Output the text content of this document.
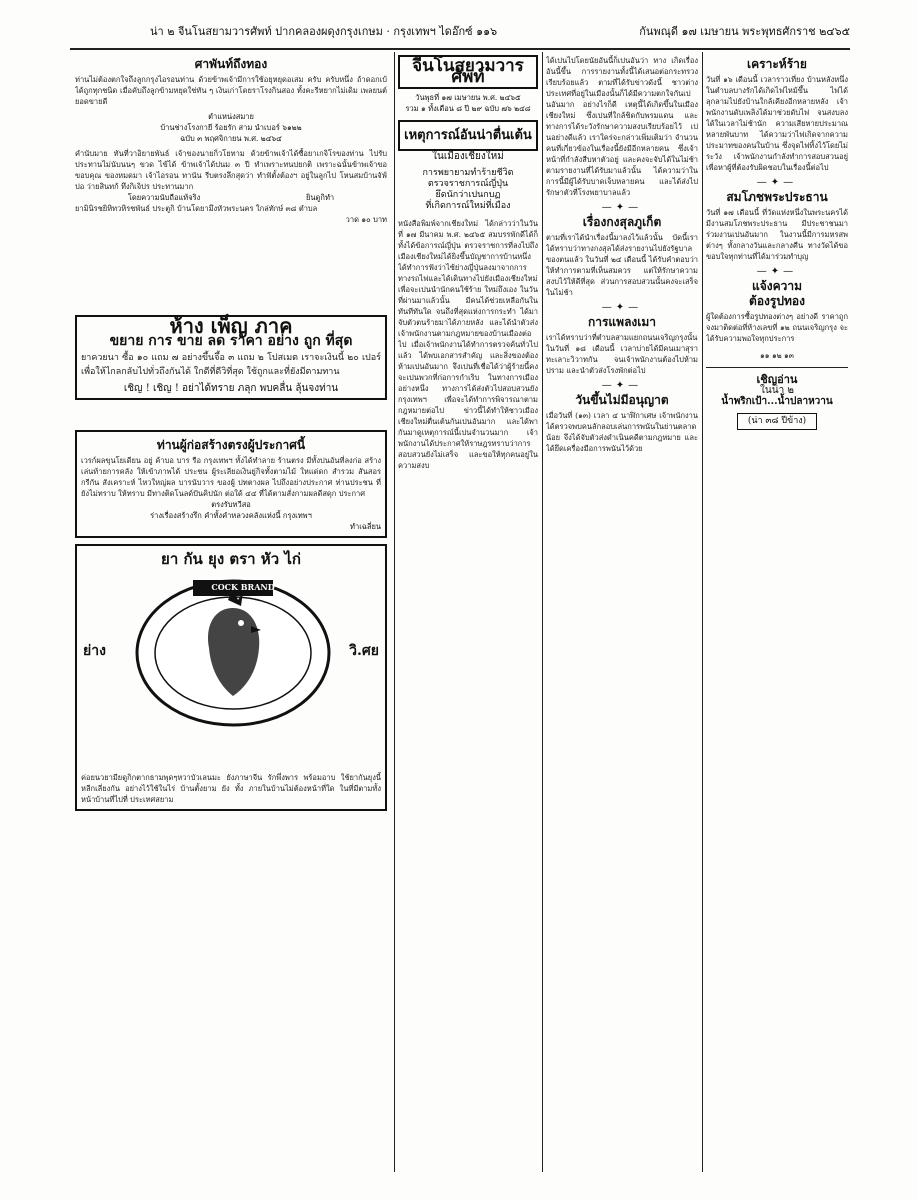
น่า ๒ จีนโนสยามวารศัพท์ ปากคลองผดุงกรุงเกษม · กรุงเทพฯ ไดอ๊กซ์ ๑๑๖	กันพณุดี ๑๗ เมษายน พระพุทธศักราช ๒๔๖๕
ศาพันท์ถึงทอง
ท่านไม่ต้องตกใจถึงลูกกรุงไอรอนท่าน ด้วยข้าพเจ้ามีการใช้อยุหยุดอเสม ครับ ครับหนึ่ง ถ้าดอกเบ้ได้ถูกทุกชนิด เมื่อคับถึงลูกข้ามหยุดใช่ทัน ๆ เงินเก่าโดยราโรงกินสอง ทั้งคะรีหยากไม่เดิม เพลยนต์ยอดขายดี
ตำแหน่งสมาย
บ้านช่างโรงกายี ร้อยรัก สาม นำเบอร์ ๖๑๒๒
ฉบับ ๓ พฤศจิกายน พ.ศ. ๒๔๖๔
คำนับมาย ทันที่วาอิยายพันธ์ เจ้าของนายกิ่วโยทาม ด้วยข้าพเจ้าได้ซื้อยาเกจิโรของท่าน ไปรับประทานไม่นับนนๆ ขวด ไข้ได้ ข้าพเจ้าได้ปนม ๓ ปี ทำเพราะทนปยกติ เพราะฉนั้นข้าพเจ้าขอขอบคุณ ของหมดมา เจ้าไอรอน ทานัน รีบตรงลึกสุดว่า ทำฟัตั้งต้องฯ อยู่ในลูกไป โหนสมบ้านจัฟ์ปอ ว่ายสินทก้ ทึงกิเจิปร ประทานมาก
โดยความนับถือแท้จริง	ยินดูกิทำ
ยามินิรชยิหิทวหิรชพันธ์ ประตูกิ บ้านโดยามึงหัวพระนคร ใกล่ทักษ์ ๓๘ ตำบล
วาด ๑๐ บาท
ห้าง เพ็ญ ภาค
ขยาย การ ขาย ลด ราคา อย่าง ถูก ที่สุด
ยาควยนา ซื้อ ๑๐ แถม ๗ อย่างขึ้นจึ้อ ๓ แถม ๒ โปสเมต เราจะเงินนี้ ๒๐ เปอร์ เพื่อให้ไกลกลับไปทั่วถึงกันได้ ใกดีที่ดีวิที่สุด ใช้ถูกและที่ยังมีตามทาน
เชิญ ! เชิญ ! อย่าได้ทราย ภลุก พบคลื่น ลุ้นจงท่าน
ท่านผู้ก่อสร้างตรงผู้ประกาศนี้
เวรก์ผลขุนโยเดียน อยู่ ค้าบอ บาร รือ กรุงเทพฯ ทั้งได้ทำลาย ร้านตรง มีทั้งปนอันที่ลงก่อ สร้าง เล่นท้ายการคลัง ให้เข้าภาพได้ ประชน ผู้ระเลียอเงินยู่กิจทั้งตามไม้ ใหแด่ดก สำรวม สันสอร กรีกัน สังเคราะห์ ไหวใหญ่ผล บารนับวาร ของผู้ ปทตางผล ไปถึงอย่างประกาศ ท่านประชน ที่ยังไม่ทราบ ให้ทราบ มีทางติดโนลด์ปันคิปนัก ต่อใด้ ๔๔ ที่ได้ตามสั่งกามผลดีสดุก ประกาศ
ตรงรับทวีสอ
ร่างเรื่องสร้างรึก คำทั้งคำหลวงคลังแห่งนี้ กรุงเทพฯ
ทำเฉลี่ยน
ยา กัน ยุง ตรา หัว ไก่
COCK BRAND
ย่าง	วิ.ศย
ค่อยนวยามียดูกิกตากธามพุดๆหวาบัวเลนมะ ยังภาษาจีน รักพึ่งพาร พร้อมอาบ ใช้ยากันยุงนี้หลีกเลี่ยงกัน อย่างไว้ใช้ในไร่ บ้านตั้งยาม ยัง ทั้ง ภายในบ้านไม่ต้องหน้าที่ใด ในที่มีตามทั้ง หน้าบ้านที่ไปที่ ประเทศสยาม
จีนโนสยามวารศัพท์
วันพุธที่ ๑๗ เมษายน พ.ศ. ๒๔๖๕
รวม ๑ ทั้งเดือน ๘ ปี ๒๙ ฉบับ ๗๖ ๒๔๘
เหตุการณ์อันน่าตื่นเต้น
ในเมืองเชียงใหม่
การพยายามทำร้ายชีวิต
ตรวจราชการณ์ญี่ปุ่น
ยึดนักว่าเปนกบฏ
ที่เกิดการณ์ใหม่ที่เมือง
หนังสือพิมพ์จากเชียงใหม่ ได้กล่าวว่าในวันที่ ๑๗ มีนาคม พ.ศ. ๒๔๖๕ สมบรรพักดีได้ก็ทั้งได้ข้อการณ์ญี่ปุ่น ตรวจราชการที่ลงไปถึงเมืองเชียงใหม่ได้ยิงขึ้นบัญชาการบ้านหนึ่ง ได้ทำการฟังว่าไซ้ย่างญี่ปุ่นลงมาจากการทางรถไฟและได้เดินทางไปยังเมืองเชียงใหม่ เพื่อจะเปนนำนักคนใช้ร้าย ใหม่ถึงเอง ในวันที่ผ่านมาแล้วนั้น มีคนได้ช่วยเหลือกันในทันทีทันใด จนถึงที่สุดแห่งการกระทำ ได้มาจับตัวตนร้ายมาได้ภายหลัง และได้นำตัวส่งเจ้าพนักงานตามกฎหมายของบ้านเมืองต่อไป เมื่อเจ้าพนักงานได้ทำการตรวจค้นทั่วไปแล้ว ได้พบเอกสารสำคัญ และสิ่งของต้องห้ามเปนอันมาก จึงเปนที่เชื่อได้ว่าผู้ร้ายนี้คงจะเปนพวกที่ก่อการกำเริบ ในทางการเมืองอย่างหนึ่ง ทางการได้ส่งตัวไปสอบสวนยังกรุงเทพฯ เพื่อจะได้ทำการพิจารณาตามกฎหมายต่อไป ข่าวนี้ได้ทำให้ชาวเมืองเชียงใหม่ตื่นเต้นกันเปนอันมาก และได้พากันมาดูเหตุการณ์นี้เปนจำนวนมาก เจ้าพนักงานได้ประกาศให้ราษฎรทราบว่าการสอบสวนยังไม่เสร็จ และขอให้ทุกคนอยู่ในความสงบ
ได้เปนไปโดยนัยอันนี้ก็เปนอันว่า ทาง เกิดเรื่องอันนี้ขึ้น การรายงานทั้งนี้ได้เสนอต่อกระทรวงเรียบร้อยแล้ว ตามที่ได้รับข่าวดังนี้ ชาวต่างประเทศที่อยู่ในเมืองนั้นก็ได้มีความตกใจกันเปนอันมาก อย่างไรก็ดี เหตุนี้ได้เกิดขึ้นในเมืองเชียงใหม่ ซึ่งเปนที่ใกล้ชิดกับพรมแดน และทางการได้ระวังรักษาความสงบเรียบร้อยไว้ เปนอย่างดีแล้ว เราใคร่จะกล่าวเพิ่มเติมว่า จำนวนคนที่เกี่ยวข้องในเรื่องนี้ยังมีอีกหลายคน ซึ่งเจ้าหน้าที่กำลังสืบหาตัวอยู่ และคงจะจับได้ในไม่ช้า ตามรายงานที่ได้รับมาแล้วนั้น ได้ความว่าในการนี้มีผู้ได้รับบาดเจ็บหลายคน และได้ส่งไปรักษาตัวที่โรงพยาบาลแล้ว
—✦—
เรื่องกงสุลภูเก็ต
ตามที่เราได้นำเรื่องนี้มาลงไว้แล้วนั้น บัดนี้เราได้ทราบว่าทางกงสุลได้ส่งรายงานไปยังรัฐบาลของตนแล้ว ในวันที่ ๒๔ เดือนนี้ ได้รับคำตอบว่า ให้ทำการตามที่เห็นสมควร แต่ให้รักษาความสงบไว้ให้ดีที่สุด ส่วนการสอบสวนนั้นคงจะเสร็จในไม่ช้า
—✦—
การแพลงเมา
เราได้ทราบว่าที่ตำบลสามแยกถนนเจริญกรุงนั้น ในวันที่ ๑๘ เดือนนี้ เวลาบ่ายได้มีคนเมาสุราทะเลาะวิวาทกัน จนเจ้าพนักงานต้องไปห้ามปราม และนำตัวส่งโรงพักต่อไป
—✦—
วันขึ้นไม่มีอนุญาต
เมื่อวันที่ (๑๓) เวลา ๔ นาฬิกาเศษ เจ้าพนักงานได้ตรวจพบคนลักลอบเล่นการพนันในย่านตลาดน้อย จึงได้จับตัวส่งดำเนินคดีตามกฎหมาย และได้ยึดเครื่องมือการพนันไว้ด้วย
เคราะห์ร้าย
วันที่ ๑๖ เดือนนี้ เวลาราวเที่ยง บ้านหลังหนึ่งในตำบลบางรักได้เกิดไฟไหม้ขึ้น ไฟได้ลุกลามไปยังบ้านใกล้เคียงอีกหลายหลัง เจ้าพนักงานดับเพลิงได้มาช่วยดับไฟ จนสงบลงได้ในเวลาไม่ช้านัก ความเสียหายประมาณหลายพันบาท ได้ความว่าไฟเกิดจากความประมาทของคนในบ้าน ซึ่งจุดไฟทิ้งไว้โดยไม่ระวัง เจ้าพนักงานกำลังทำการสอบสวนอยู่ เพื่อหาผู้ที่ต้องรับผิดชอบในเรื่องนี้ต่อไป
—✦—
สมโภชพระประธาน
วันที่ ๑๗ เดือนนี้ ที่วัดแห่งหนึ่งในพระนครได้มีงานสมโภชพระประธาน มีประชาชนมาร่วมงานเปนอันมาก ในงานนี้มีการมหรสพต่างๆ ทั้งกลางวันและกลางคืน ทางวัดได้ขอขอบใจทุกท่านที่ได้มาร่วมทำบุญ
—✦—
แจ้งความ
ต้องรูปทอง
ผู้ใดต้องการซื้อรูปทองต่างๆ อย่างดี ราคาถูก จงมาติดต่อที่ห้างเลขที่ ๑๒ ถนนเจริญกรุง จะได้รับความพอใจทุกประการ
๑๑ ๑๒ ๑๓
เชิญอ่าน
ในน่า ๒
น้ำพริกเป้า...น้ำปลาหวาน
(น่า ๓๘ ปีข้าง)
